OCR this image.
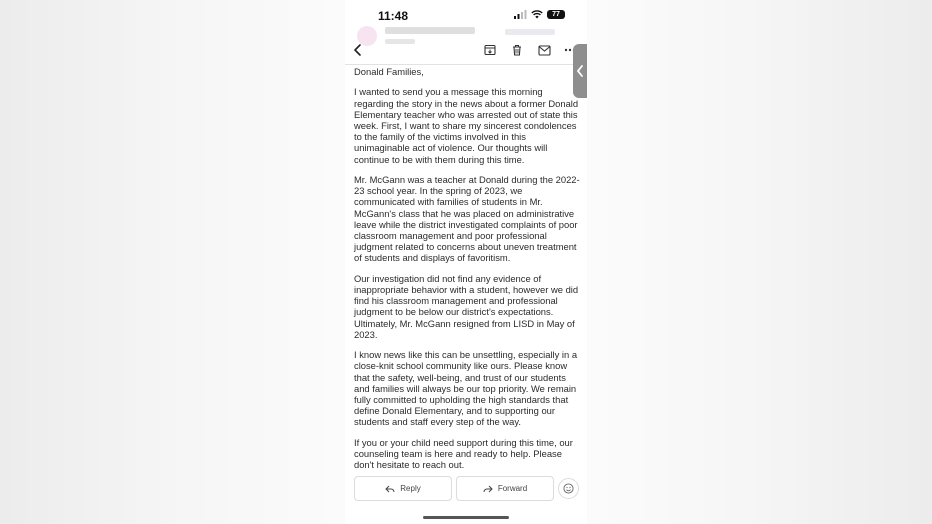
11:48	77

Donald Families,

I wanted to send you a message this morning regarding the story in the news about a former Donald Elementary teacher who was arrested out of state this week. First, I want to share my sincerest condolences to the family of the victims involved in this unimaginable act of violence. Our thoughts will continue to be with them during this time.

Mr. McGann was a teacher at Donald during the 2022-23 school year. In the spring of 2023, we communicated with families of students in Mr. McGann's class that he was placed on administrative leave while the district investigated complaints of poor classroom management and poor professional judgment related to concerns about uneven treatment of students and displays of favoritism.

Our investigation did not find any evidence of inappropriate behavior with a student, however we did find his classroom management and professional judgment to be below our district's expectations. Ultimately, Mr. McGann resigned from LISD in May of 2023.

I know news like this can be unsettling, especially in a close-knit school community like ours. Please know that the safety, well-being, and trust of our students and families will always be our top priority. We remain fully committed to upholding the high standards that define Donald Elementary, and to supporting our students and staff every step of the way.

If you or your child need support during this time, our counseling team is here and ready to help. Please don't hesitate to reach out.

Reply	Forward
